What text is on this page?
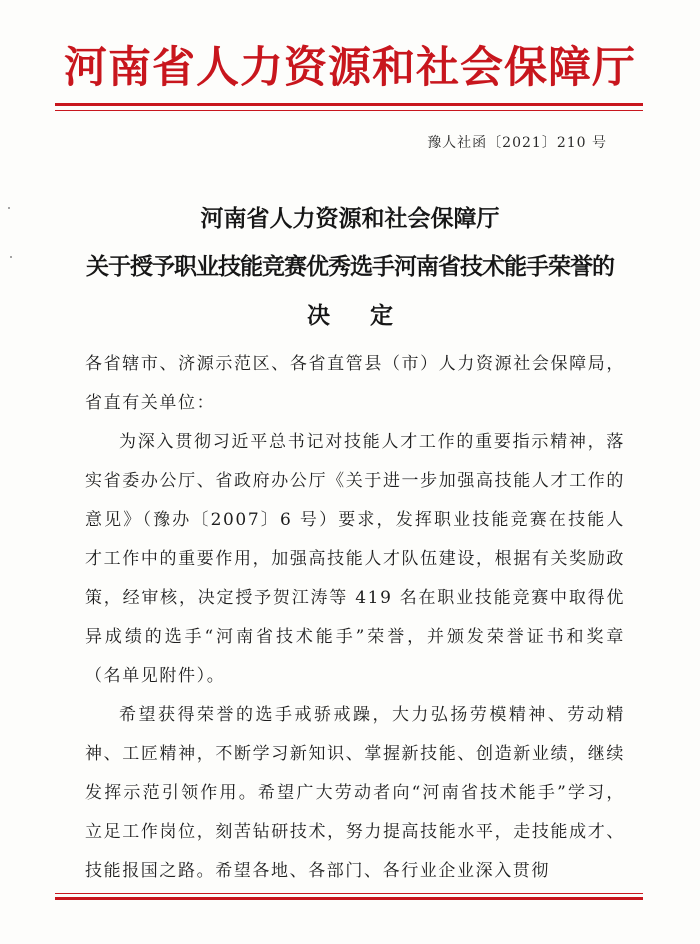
河南省人力资源和社会保障厅
豫人社函〔2021〕210 号
河南省人力资源和社会保障厅
关于授予职业技能竞赛优秀选手河南省技术能手荣誉的
决定

各省辖市、济源示范区、各省直管县（市）人力资源社会保障局，省直有关单位：

为深入贯彻习近平总书记对技能人才工作的重要指示精神，落实省委办公厅、省政府办公厅《关于进一步加强高技能人才工作的意见》（豫办〔2007〕6 号）要求，发挥职业技能竞赛在技能人才工作中的重要作用，加强高技能人才队伍建设，根据有关奖励政策，经审核，决定授予贺江涛等 419 名在职业技能竞赛中取得优异成绩的选手“河南省技术能手”荣誉，并颁发荣誉证书和奖章（名单见附件）。

希望获得荣誉的选手戒骄戒躁，大力弘扬劳模精神、劳动精神、工匠精神，不断学习新知识、掌握新技能、创造新业绩，继续发挥示范引领作用。希望广大劳动者向“河南省技术能手”学习，立足工作岗位，刻苦钻研技术，努力提高技能水平，走技能成才、技能报国之路。希望各地、各部门、各行业企业深入贯彻
